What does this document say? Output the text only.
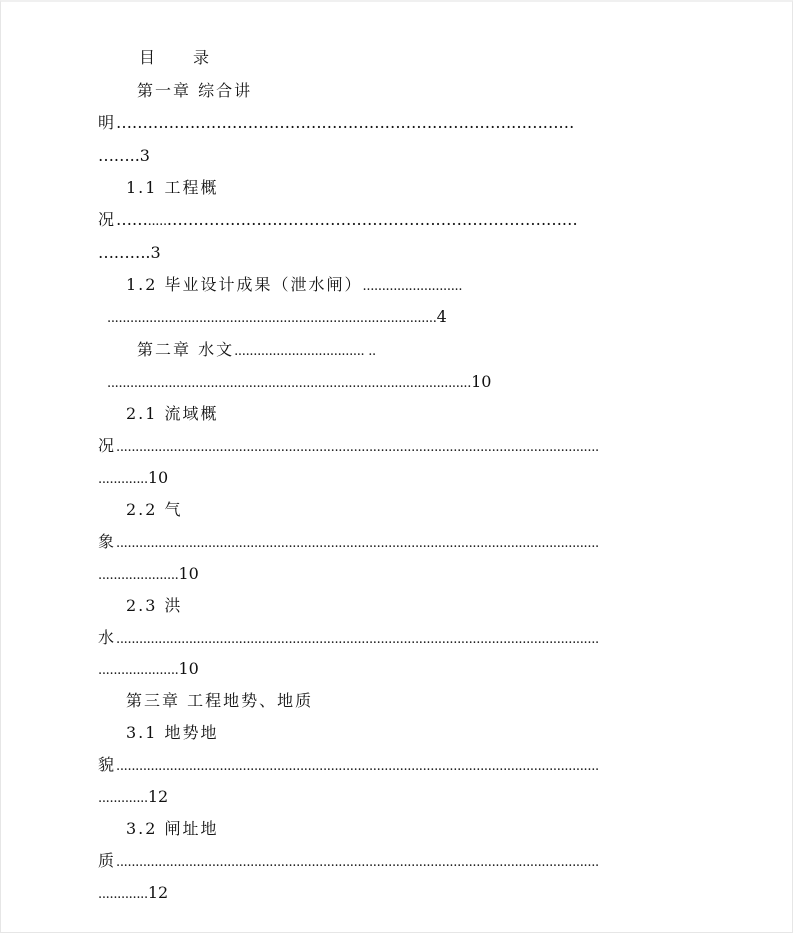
目 录
第一章 综合讲
明……………………………………………………………………………
……..3
1.1 工程概
况…….....……………………………………………………………………
……….3
1.2 毕业设计成果（泄水闸）..........................
......................................................................................4
第二章 水文.................................. ..
...............................................................................................10
2.1 流域概
况..............................................................................................................................
.............10
2.2 气
象..............................................................................................................................
.....................10
2.3 洪
水..............................................................................................................................
.....................10
第三章 工程地势、地质
3.1 地势地
貌..............................................................................................................................
.............12
3.2 闸址地
质..............................................................................................................................
.............12
